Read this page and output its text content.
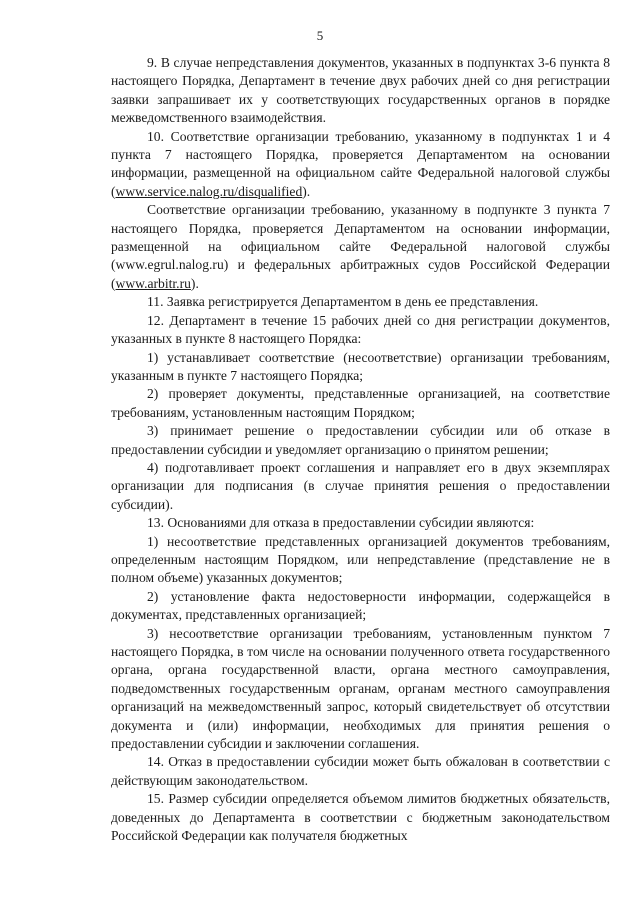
5

9. В случае непредставления документов, указанных в подпунктах 3-6 пункта 8 настоящего Порядка, Департамент в течение двух рабочих дней со дня регистрации заявки запрашивает их у соответствующих государственных органов в порядке межведомственного взаимодействия.

10. Соответствие организации требованию, указанному в подпунктах 1 и 4 пункта 7 настоящего Порядка, проверяется Департаментом на основании информации, размещенной на официальном сайте Федеральной налоговой службы (www.service.nalog.ru/disqualified).

Соответствие организации требованию, указанному в подпункте 3 пункта 7 настоящего Порядка, проверяется Департаментом на основании информации, размещенной на официальном сайте Федеральной налоговой службы (www.egrul.nalog.ru) и федеральных арбитражных судов Российской Федерации (www.arbitr.ru).

11. Заявка регистрируется Департаментом в день ее представления.

12. Департамент в течение 15 рабочих дней со дня регистрации документов, указанных в пункте 8 настоящего Порядка:

1) устанавливает соответствие (несоответствие) организации требованиям, указанным в пункте 7 настоящего Порядка;

2) проверяет документы, представленные организацией, на соответствие требованиям, установленным настоящим Порядком;

3) принимает решение о предоставлении субсидии или об отказе в предоставлении субсидии и уведомляет организацию о принятом решении;

4) подготавливает проект соглашения и направляет его в двух экземплярах организации для подписания (в случае принятия решения о предоставлении субсидии).

13. Основаниями для отказа в предоставлении субсидии являются:

1) несоответствие представленных организацией документов требованиям, определенным настоящим Порядком, или непредставление (представление не в полном объеме) указанных документов;

2) установление факта недостоверности информации, содержащейся в документах, представленных организацией;

3) несоответствие организации требованиям, установленным пунктом 7 настоящего Порядка, в том числе на основании полученного ответа государственного органа, органа государственной власти, органа местного самоуправления, подведомственных государственным органам, органам местного самоуправления организаций на межведомственный запрос, который свидетельствует об отсутствии документа и (или) информации, необходимых для принятия решения о предоставлении субсидии и заключении соглашения.

14. Отказ в предоставлении субсидии может быть обжалован в соответствии с действующим законодательством.

15. Размер субсидии определяется объемом лимитов бюджетных обязательств, доведенных до Департамента в соответствии с бюджетным законодательством Российской Федерации как получателя бюджетных
